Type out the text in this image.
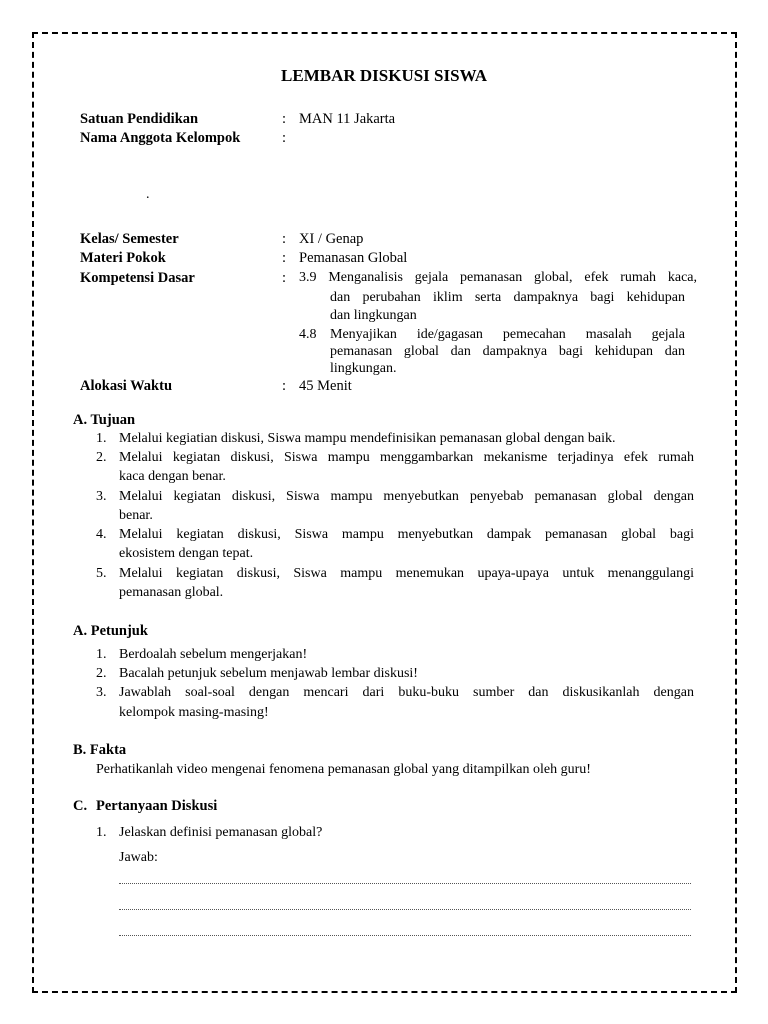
LEMBAR DISKUSI SISWA
Satuan Pendidikan	: MAN 11 Jakarta
Nama Anggota Kelompok	:
.
Kelas/ Semester	: XI / Genap
Materi Pokok	: Pemanasan Global
Kompetensi Dasar	: 3.9 Menganalisis gejala pemanasan global, efek rumah kaca,
dan perubahan iklim serta dampaknya bagi kehidupan
dan lingkungan
4.8 Menyajikan ide/gagasan pemecahan masalah gejala
pemanasan global dan dampaknya bagi kehidupan dan
lingkungan.
Alokasi Waktu	: 45 Menit
A. Tujuan
1. Melalui kegiatian diskusi, Siswa mampu mendefinisikan pemanasan global dengan baik.
2. Melalui kegiatan diskusi, Siswa mampu menggambarkan mekanisme terjadinya efek rumah
kaca dengan benar.
3. Melalui kegiatan diskusi, Siswa mampu menyebutkan penyebab pemanasan global dengan
benar.
4. Melalui kegiatan diskusi, Siswa mampu menyebutkan dampak pemanasan global bagi
ekosistem dengan tepat.
5. Melalui kegiatan diskusi, Siswa mampu menemukan upaya-upaya untuk menanggulangi
pemanasan global.
A. Petunjuk
1. Berdoalah sebelum mengerjakan!
2. Bacalah petunjuk sebelum menjawab lembar diskusi!
3. Jawablah soal-soal dengan mencari dari buku-buku sumber dan diskusikanlah dengan
kelompok masing-masing!
B. Fakta
Perhatikanlah video mengenai fenomena pemanasan global yang ditampilkan oleh guru!
C. Pertanyaan Diskusi
1. Jelaskan definisi pemanasan global?
Jawab:
